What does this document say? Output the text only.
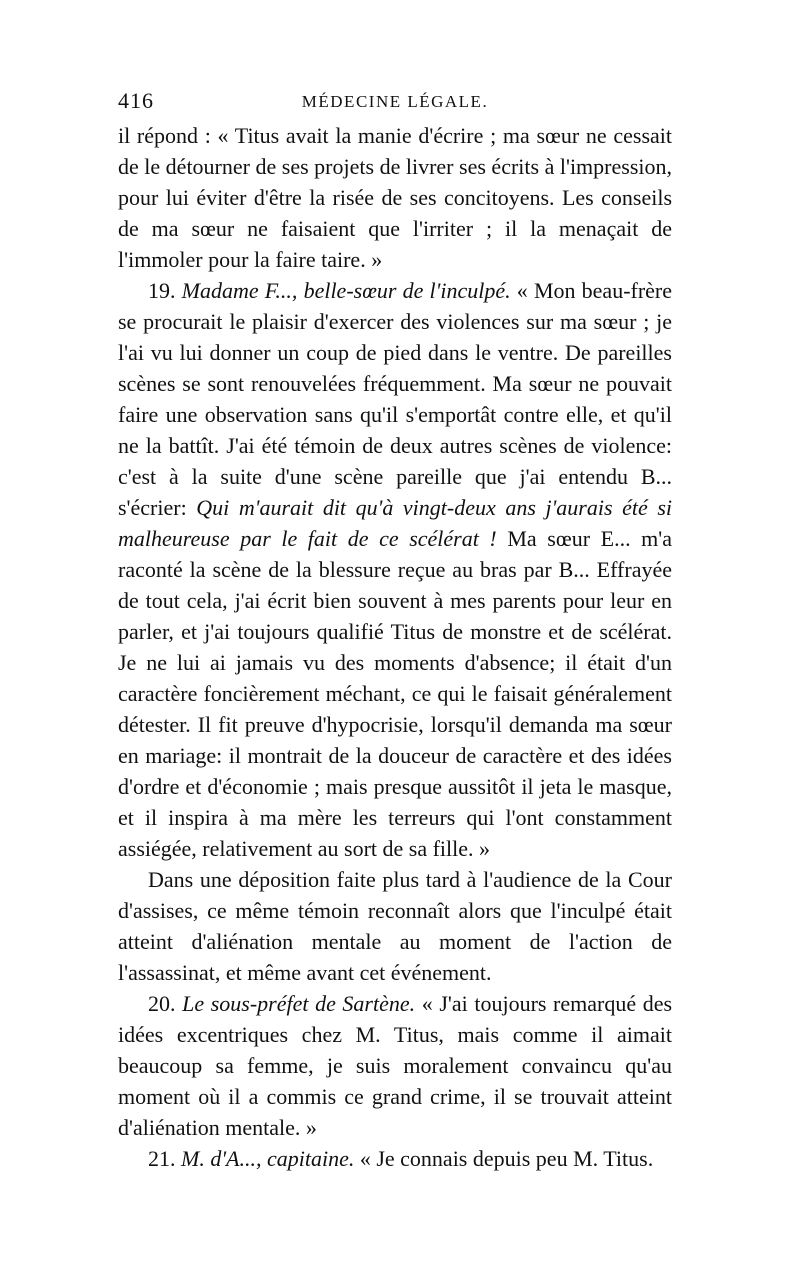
416	MÉDECINE LÉGALE.

il répond : « Titus avait la manie d'écrire ; ma sœur ne cessait de le détourner de ses projets de livrer ses écrits à l'impression, pour lui éviter d'être la risée de ses concitoyens. Les conseils de ma sœur ne faisaient que l'irriter ; il la menaçait de l'immoler pour la faire taire. »

19. Madame F..., belle-sœur de l'inculpé. « Mon beau-frère se procurait le plaisir d'exercer des violences sur ma sœur ; je l'ai vu lui donner un coup de pied dans le ventre. De pareilles scènes se sont renouvelées fréquemment. Ma sœur ne pouvait faire une observation sans qu'il s'emportât contre elle, et qu'il ne la battît. J'ai été témoin de deux autres scènes de violence: c'est à la suite d'une scène pareille que j'ai entendu B... s'écrier: Qui m'aurait dit qu'à vingt-deux ans j'aurais été si malheureuse par le fait de ce scélérat ! Ma sœur E... m'a raconté la scène de la blessure reçue au bras par B... Effrayée de tout cela, j'ai écrit bien souvent à mes parents pour leur en parler, et j'ai toujours qualifié Titus de monstre et de scélérat. Je ne lui ai jamais vu des moments d'absence; il était d'un caractère foncièrement méchant, ce qui le faisait généralement détester. Il fit preuve d'hypocrisie, lorsqu'il demanda ma sœur en mariage: il montrait de la douceur de caractère et des idées d'ordre et d'économie ; mais presque aussitôt il jeta le masque, et il inspira à ma mère les terreurs qui l'ont constamment assiégée, relativement au sort de sa fille. »

Dans une déposition faite plus tard à l'audience de la Cour d'assises, ce même témoin reconnaît alors que l'inculpé était atteint d'aliénation mentale au moment de l'action de l'assassinat, et même avant cet événement.

20. Le sous-préfet de Sartène. « J'ai toujours remarqué des idées excentriques chez M. Titus, mais comme il aimait beaucoup sa femme, je suis moralement convaincu qu'au moment où il a commis ce grand crime, il se trouvait atteint d'aliénation mentale. »

21. M. d'A..., capitaine. « Je connais depuis peu M. Titus.
